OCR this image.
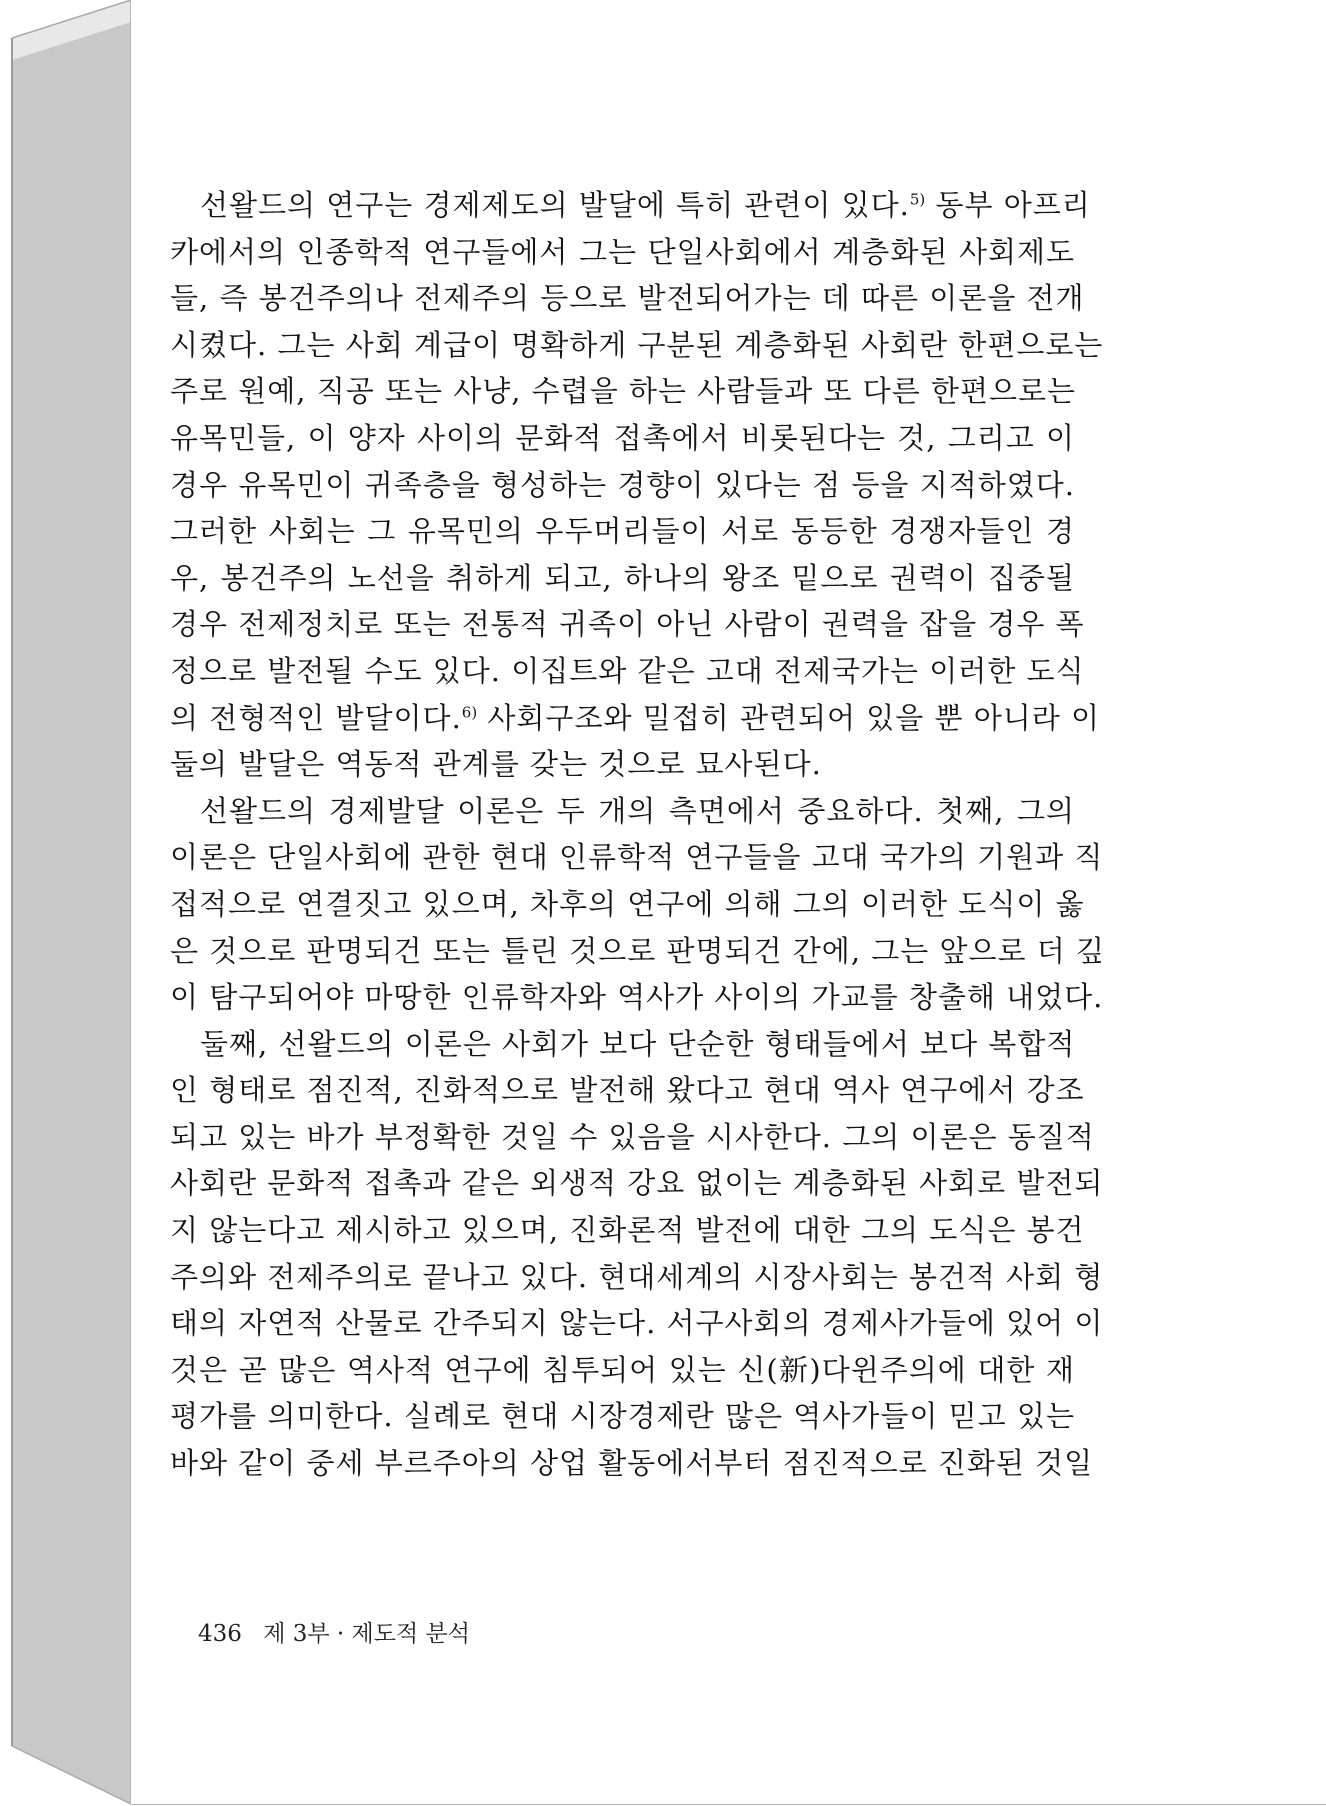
선왈드의 연구는 경제제도의 발달에 특히 관련이 있다.$^{5)}$ 동부 아프리
카에서의 인종학적 연구들에서 그는 단일사회에서 계층화된 사회제도
들, 즉 봉건주의나 전제주의 등으로 발전되어가는 데 따른 이론을 전개
시켰다. 그는 사회 계급이 명확하게 구분된 계층화된 사회란 한편으로는
주로 원예, 직공 또는 사냥, 수렵을 하는 사람들과 또 다른 한편으로는
유목민들, 이 양자 사이의 문화적 접촉에서 비롯된다는 것, 그리고 이
경우 유목민이 귀족층을 형성하는 경향이 있다는 점 등을 지적하였다.
그러한 사회는 그 유목민의 우두머리들이 서로 동등한 경쟁자들인 경
우, 봉건주의 노선을 취하게 되고, 하나의 왕조 밑으로 권력이 집중될
경우 전제정치로 또는 전통적 귀족이 아닌 사람이 권력을 잡을 경우 폭
정으로 발전될 수도 있다. 이집트와 같은 고대 전제국가는 이러한 도식
의 전형적인 발달이다.$^{6)}$ 사회구조와 밀접히 관련되어 있을 뿐 아니라 이
둘의 발달은 역동적 관계를 갖는 것으로 묘사된다.
선왈드의 경제발달 이론은 두 개의 측면에서 중요하다. 첫째, 그의
이론은 단일사회에 관한 현대 인류학적 연구들을 고대 국가의 기원과 직
접적으로 연결짓고 있으며, 차후의 연구에 의해 그의 이러한 도식이 옳
은 것으로 판명되건 또는 틀린 것으로 판명되건 간에, 그는 앞으로 더 깊
이 탐구되어야 마땅한 인류학자와 역사가 사이의 가교를 창출해 내었다.
둘째, 선왈드의 이론은 사회가 보다 단순한 형태들에서 보다 복합적
인 형태로 점진적, 진화적으로 발전해 왔다고 현대 역사 연구에서 강조
되고 있는 바가 부정확한 것일 수 있음을 시사한다. 그의 이론은 동질적
사회란 문화적 접촉과 같은 외생적 강요 없이는 계층화된 사회로 발전되
지 않는다고 제시하고 있으며, 진화론적 발전에 대한 그의 도식은 봉건
주의와 전제주의로 끝나고 있다. 현대세계의 시장사회는 봉건적 사회 형
태의 자연적 산물로 간주되지 않는다. 서구사회의 경제사가들에 있어 이
것은 곧 많은 역사적 연구에 침투되어 있는 신(新)다윈주의에 대한 재
평가를 의미한다. 실례로 현대 시장경제란 많은 역사가들이 믿고 있는
바와 같이 중세 부르주아의 상업 활동에서부터 점진적으로 진화된 것일
436 제 3부 · 제도적 분석
